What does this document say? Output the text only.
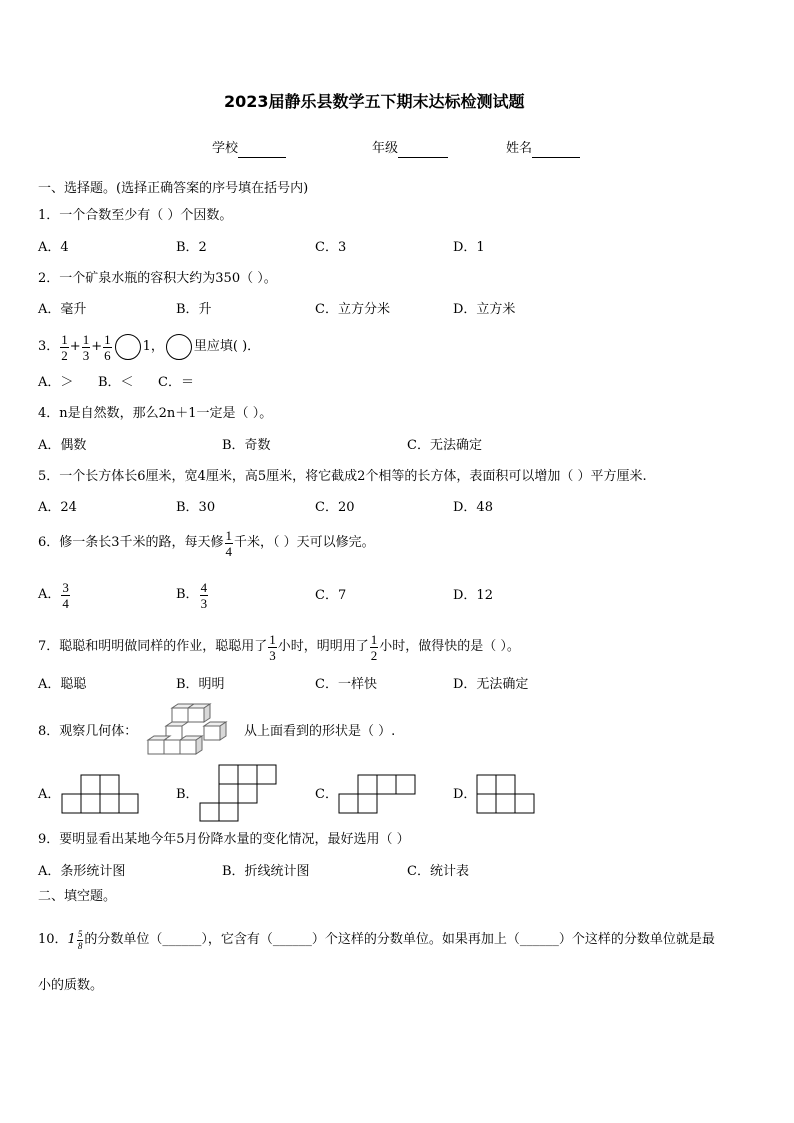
2023届静乐县数学五下期末达标检测试题
学校	年级	姓名
一、选择题。(选择正确答案的序号填在括号内)
1．一个合数至少有（ ）个因数。
A．4	B．2	C．3	D．1
2．一个矿泉水瓶的容积大约为350（ ）。
A．毫升	B．升	C．立方分米	D．立方米
3． $\frac{1}{2} + \frac{1}{3} + \frac{1}{6} 1$， 里应填( )．
A．＞ B．＜ C．＝
4．n是自然数，那么2n＋1一定是（ ）。
A．偶数	B．奇数	C．无法确定
5．一个长方体长6厘米，宽4厘米，高5厘米，将它截成2个相等的长方体，表面积可以增加（ ）平方厘米.
A．24	B．30	C．20	D．48
6．修一条长3千米的路，每天修 $\frac{1}{4}$ 千米，（ ）天可以修完。
A． $\frac{3}{4}$	B． $\frac{4}{3}$	C．7	D．12
7．聪聪和明明做同样的作业，聪聪用了 $\frac{1}{3}$ 小时，明明用了 $\frac{1}{2}$ 小时，做得快的是（ ）。
A．聪聪	B．明明	C．一样快	D．无法确定
8．观察几何体：	从上面看到的形状是（ ）.
A．	B．	C．	D．
9．要明显看出某地今年5月份降水量的变化情况，最好选用（ ）
A．条形统计图	B．折线统计图	C．统计表
二、填空题。
10． $1 \frac{5}{8}$ 的分数单位（______），它含有（______）个这样的分数单位。如果再加上（______）个这样的分数单位就是最
小的质数。
